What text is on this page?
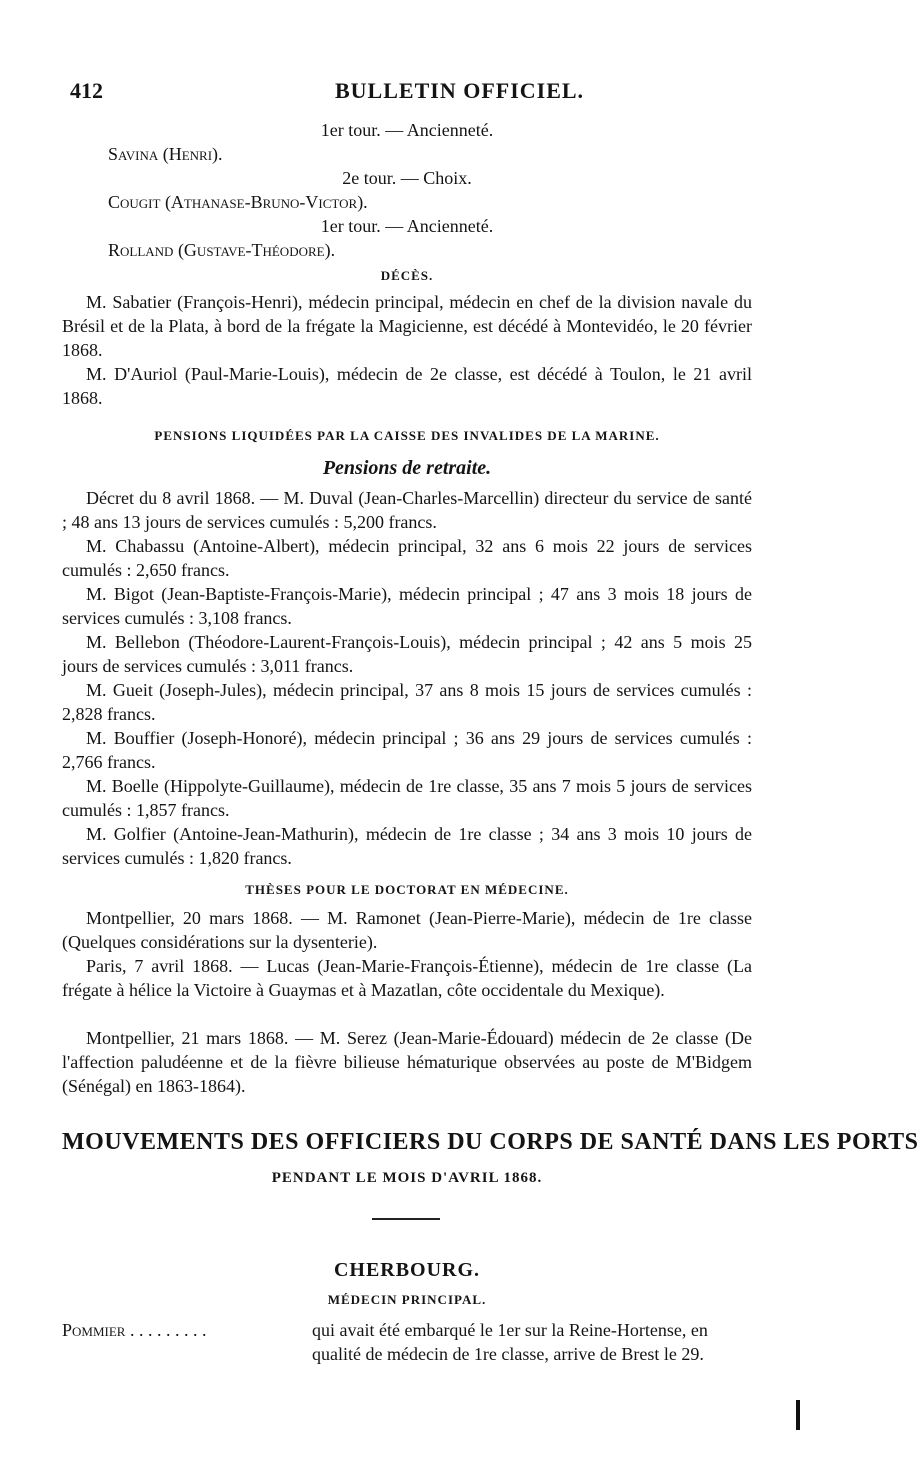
412	BULLETIN OFFICIEL.
1er tour. — Ancienneté.
Savina (Henri).
2e tour. — Choix.
Cougit (Athanase-Bruno-Victor).
1er tour. — Ancienneté.
Rolland (Gustave-Théodore).
DÉCÈS.
M. Sabatier (François-Henri), médecin principal, médecin en chef de la division navale du Brésil et de la Plata, à bord de la frégate la Magicienne, est décédé à Montevidéo, le 20 février 1868.
M. D'Auriol (Paul-Marie-Louis), médecin de 2e classe, est décédé à Toulon, le 21 avril 1868.
PENSIONS LIQUIDÉES PAR LA CAISSE DES INVALIDES DE LA MARINE.
Pensions de retraite.
Décret du 8 avril 1868. — M. Duval (Jean-Charles-Marcellin) directeur du service de santé ; 48 ans 13 jours de services cumulés : 5,200 francs.
M. Chabassu (Antoine-Albert), médecin principal, 32 ans 6 mois 22 jours de services cumulés : 2,650 francs.
M. Bigot (Jean-Baptiste-François-Marie), médecin principal ; 47 ans 3 mois 18 jours de services cumulés : 3,108 francs.
M. Bellebon (Théodore-Laurent-François-Louis), médecin principal ; 42 ans 5 mois 25 jours de services cumulés : 3,011 francs.
M. Gueit (Joseph-Jules), médecin principal, 37 ans 8 mois 15 jours de services cumulés : 2,828 francs.
M. Bouffier (Joseph-Honoré), médecin principal ; 36 ans 29 jours de services cumulés : 2,766 francs.
M. Boelle (Hippolyte-Guillaume), médecin de 1re classe, 35 ans 7 mois 5 jours de services cumulés : 1,857 francs.
M. Golfier (Antoine-Jean-Mathurin), médecin de 1re classe ; 34 ans 3 mois 10 jours de services cumulés : 1,820 francs.
THÈSES POUR LE DOCTORAT EN MÉDECINE.
Montpellier, 20 mars 1868. — M. Ramonet (Jean-Pierre-Marie), médecin de 1re classe (Quelques considérations sur la dysenterie).
Paris, 7 avril 1868. — Lucas (Jean-Marie-François-Étienne), médecin de 1re classe (La frégate à hélice la Victoire à Guaymas et à Mazatlan, côte occidentale du Mexique).
Montpellier, 21 mars 1868. — M. Serez (Jean-Marie-Édouard) médecin de 2e classe (De l'affection paludéenne et de la fièvre bilieuse hématurique observées au poste de M'Bidgem (Sénégal) en 1863-1864).
MOUVEMENTS DES OFFICIERS DU CORPS DE SANTÉ DANS LES PORTS
PENDANT LE MOIS D'AVRIL 1868.
CHERBOURG.
MÉDECIN PRINCIPAL.
Pommier . . . . . . . . .	qui avait été embarqué le 1er sur la Reine-Hortense, en qualité de médecin de 1re classe, arrive de Brest le 29.
